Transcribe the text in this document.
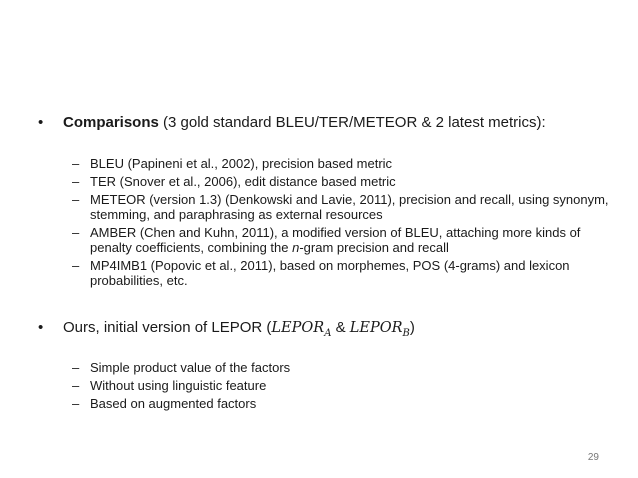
•	Comparisons (3 gold standard BLEU/TER/METEOR & 2 latest metrics):
– BLEU (Papineni et al., 2002), precision based metric
– TER (Snover et al., 2006), edit distance based metric
– METEOR (version 1.3) (Denkowski and Lavie, 2011), precision and recall, using synonym, stemming, and paraphrasing as external resources
– AMBER (Chen and Kuhn, 2011), a modified version of BLEU, attaching more kinds of penalty coefficients, combining the n-gram precision and recall
– MP4IMB1 (Popovic et al., 2011), based on morphemes, POS (4-grams) and lexicon probabilities, etc.
•	Ours, initial version of LEPOR ($LEPOR_A$ & $LEPOR_B$)
– Simple product value of the factors
– Without using linguistic feature
– Based on augmented factors
29
